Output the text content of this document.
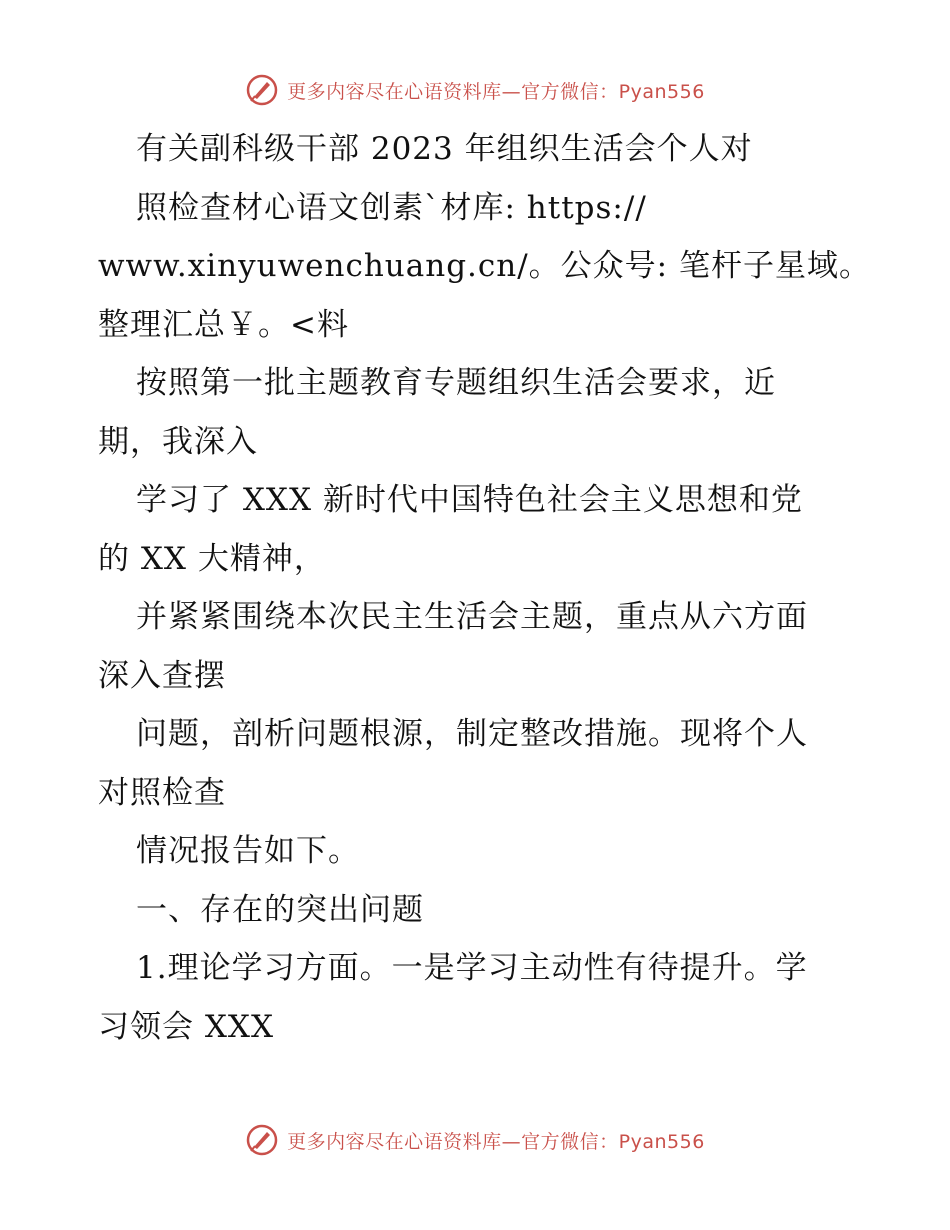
更多内容尽在心语资料库—官方微信：Pyan556
有关副科级干部 2023 年组织生活会个人对
照检查材心语文创素`材库: https://
www.xinyuwenchuang.cn/。公众号: 笔杆子星域。
整理汇总￥。<料
按照第一批主题教育专题组织生活会要求，近
期，我深入
学习了 XXX 新时代中国特色社会主义思想和党
的 XX 大精神，
并紧紧围绕本次民主生活会主题，重点从六方面
深入查摆
问题，剖析问题根源，制定整改措施。现将个人
对照检查
情况报告如下。
一、存在的突出问题
1.理论学习方面。一是学习主动性有待提升。学
习领会 XXX
更多内容尽在心语资料库—官方微信：Pyan556
